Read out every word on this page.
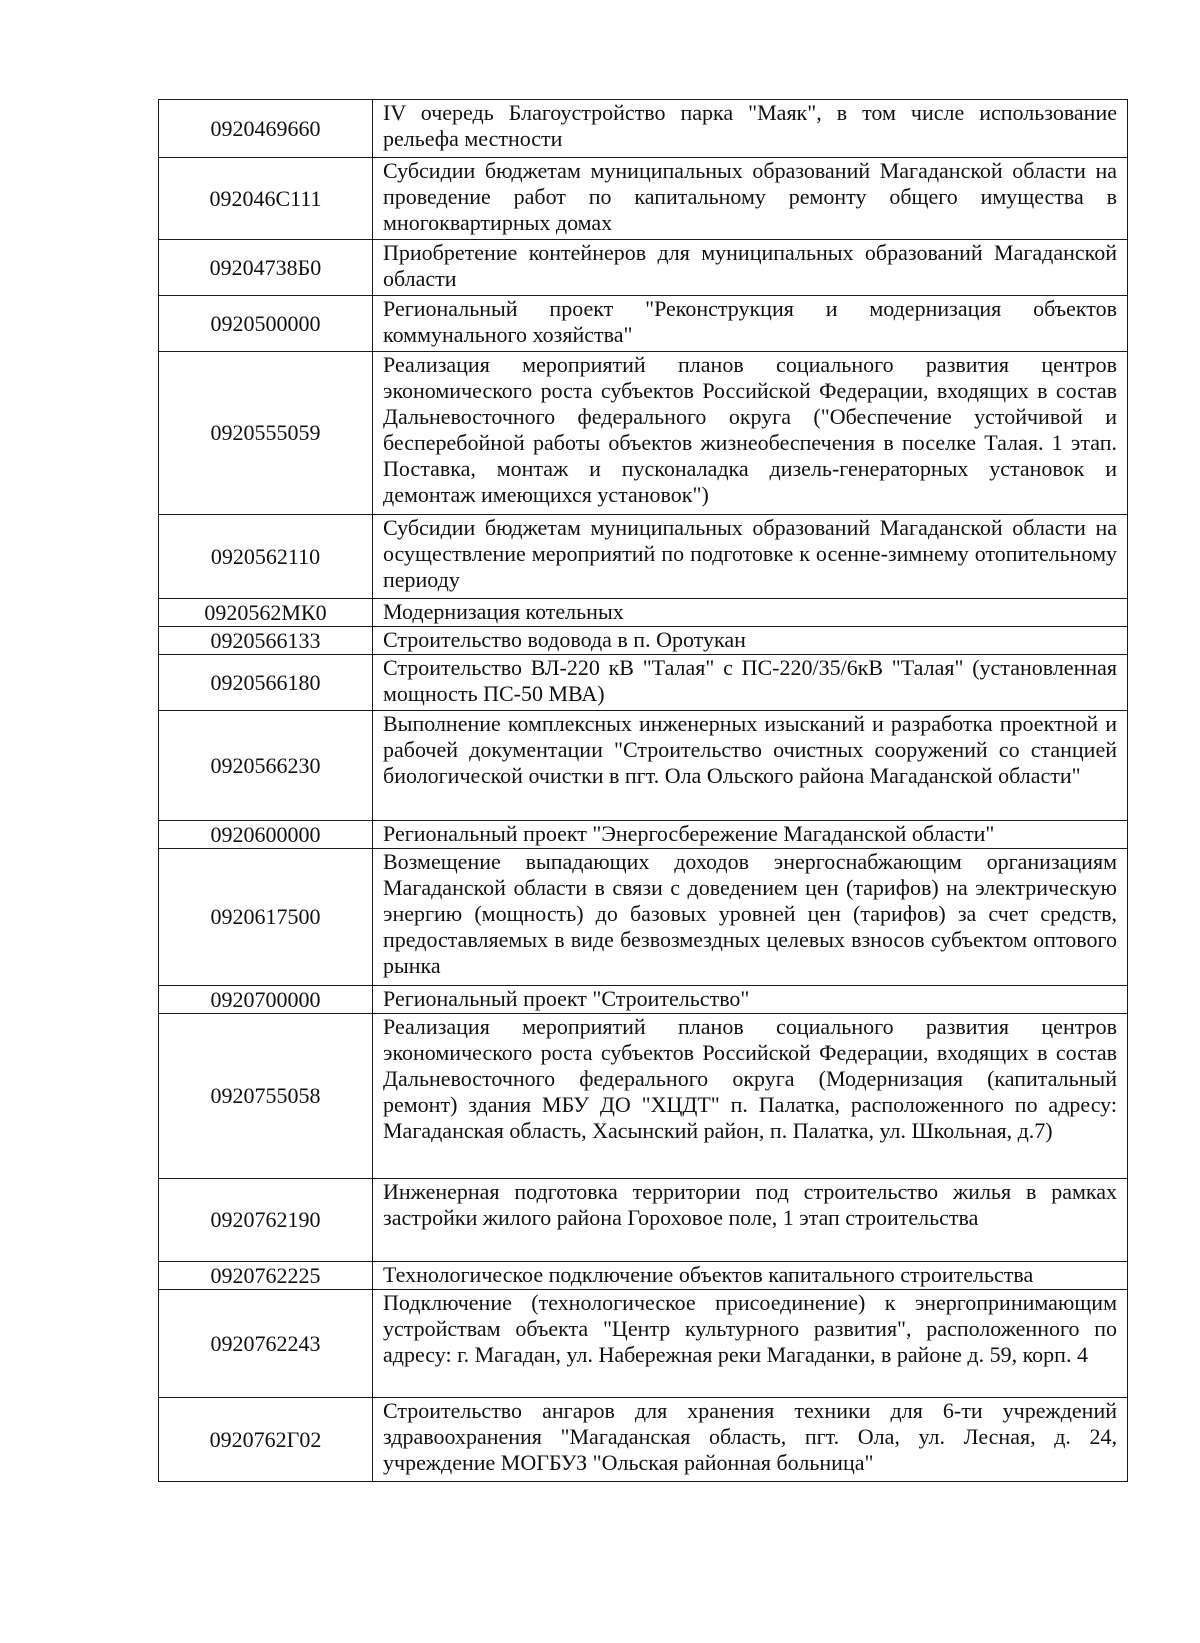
0920469660	IV очередь Благоустройство парка "Маяк", в том числе использование рельефа местности
092046С111	Субсидии бюджетам муниципальных образований Магаданской области на проведение работ по капитальному ремонту общего имущества в многоквартирных домах
09204738Б0	Приобретение контейнеров для муниципальных образований Магаданской области
0920500000	Региональный проект "Реконструкция и модернизация объектов коммунального хозяйства"
0920555059	Реализация мероприятий планов социального развития центров экономического роста субъектов Российской Федерации, входящих в состав Дальневосточного федерального округа ("Обеспечение устойчивой и бесперебойной работы объектов жизнеобеспечения в поселке Талая. 1 этап. Поставка, монтаж и пусконаладка дизель-генераторных установок и демонтаж имеющихся установок")
0920562110	Субсидии бюджетам муниципальных образований Магаданской области на осуществление мероприятий по подготовке к осенне-зимнему отопительному периоду
0920562МК0	Модернизация котельных
0920566133	Строительство водовода в п. Оротукан
0920566180	Строительство ВЛ-220 кВ "Талая" с ПС-220/35/6кВ "Талая" (установленная мощность ПС-50 МВА)
0920566230	Выполнение комплексных инженерных изысканий и разработка проектной и рабочей документации "Строительство очистных сооружений со станцией биологической очистки в пгт. Ола Ольского района Магаданской области"
0920600000	Региональный проект "Энергосбережение Магаданской области"
0920617500	Возмещение выпадающих доходов энергоснабжающим организациям Магаданской области в связи с доведением цен (тарифов) на электрическую энергию (мощность) до базовых уровней цен (тарифов) за счет средств, предоставляемых в виде безвозмездных целевых взносов субъектом оптового рынка
0920700000	Региональный проект "Строительство"
0920755058	Реализация мероприятий планов социального развития центров экономического роста субъектов Российской Федерации, входящих в состав Дальневосточного федерального округа (Модернизация (капитальный ремонт) здания МБУ ДО "ХЦДТ" п. Палатка, расположенного по адресу: Магаданская область, Хасынский район, п. Палатка, ул. Школьная, д.7)
0920762190	Инженерная подготовка территории под строительство жилья в рамках застройки жилого района Гороховое поле, 1 этап строительства
0920762225	Технологическое подключение объектов капитального строительства
0920762243	Подключение (технологическое присоединение) к энергопринимающим устройствам объекта "Центр культурного развития", расположенного по адресу: г. Магадан, ул. Набережная реки Магаданки, в районе д. 59, корп. 4
0920762Г02	Строительство ангаров для хранения техники для 6-ти учреждений здравоохранения "Магаданская область, пгт. Ола, ул. Лесная, д. 24, учреждение МОГБУЗ "Ольская районная больница"
